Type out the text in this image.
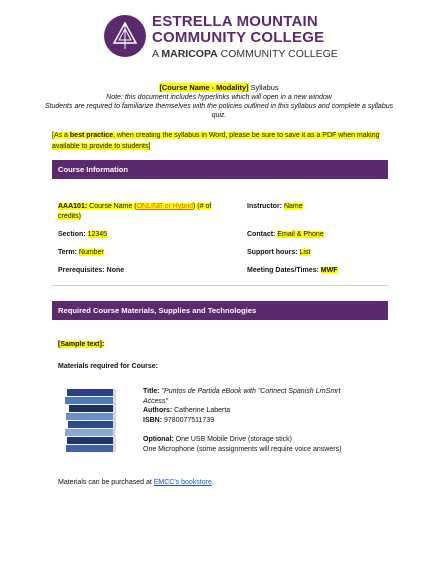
ESTRELLA MOUNTAIN
COMMUNITY COLLEGE
A MARICOPA COMMUNITY COLLEGE
[Course Name - Modality] Syllabus
Note: this document includes hyperlinks which will open in a new window
Students are required to familiarize themselves with the policies outlined in this syllabus and complete a syllabus quiz.
[As a best practice, when creating the syllabus in Word, please be sure to save it as a PDF when making available to provide to students]
Course Information
AAA101: Course Name (ONLINE or Hybrid) (# of credits)
Instructor: Name
Section: 12345	Contact: Email & Phone
Term: Number	Support hours: List
Prerequisites: None	Meeting Dates/Times: MWF
Required Course Materials, Supplies and Technologies
[Sample text]:
Materials required for Course:
Title: "Puntos de Partida eBook with "Connect Spanish LrnSmrt Access"
Authors: Catherine Laberta
ISBN: 9780077511739
Optional: One USB Mobile Drive (storage stick)
One Microphone (some assignments will require voice answers)
Materials can be purchased at EMCC's bookstore.
